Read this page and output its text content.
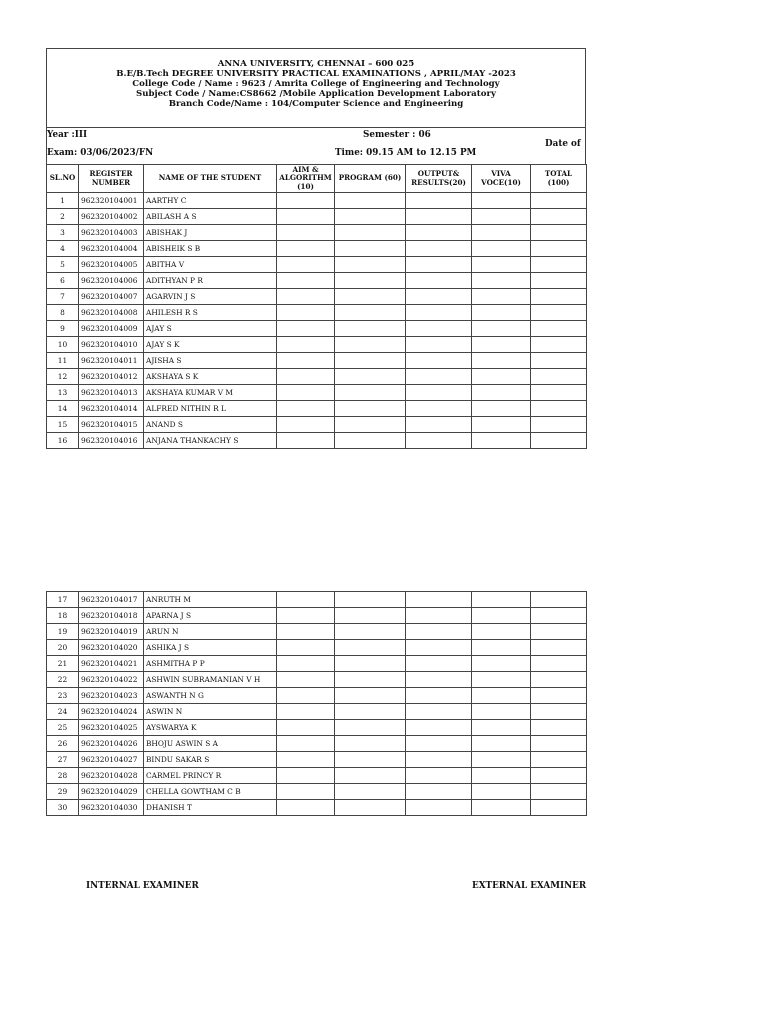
ANNA UNIVERSITY, CHENNAI – 600 025
B.E/B.Tech DEGREE UNIVERSITY PRACTICAL EXAMINATIONS , APRIL/MAY -2023
College Code / Name : 9623 / Amrita College of Engineering and Technology
Subject Code / Name:CS8662 /Mobile Application Development Laboratory
Branch Code/Name : 104/Computer Science and Engineering
Year :III	Semester : 06
Date of
Exam: 03/06/2023/FN	Time: 09.15 AM to 12.15 PM
SL.NO	REGISTER NUMBER	NAME OF THE STUDENT	AIM & ALGORITHM (10)	PROGRAM (60)	OUTPUT& RESULTS(20)	VIVA VOCE(10)	TOTAL (100)
1	962320104001	AARTHY C					
2	962320104002	ABILASH A S					
3	962320104003	ABISHAK J					
4	962320104004	ABISHEIK S B					
5	962320104005	ABITHA V					
6	962320104006	ADITHYAN P R					
7	962320104007	AGARVIN J S					
8	962320104008	AHILESH R S					
9	962320104009	AJAY S					
10	962320104010	AJAY S K					
11	962320104011	AJISHA S					
12	962320104012	AKSHAYA S K					
13	962320104013	AKSHAYA KUMAR V M					
14	962320104014	ALFRED NITHIN R L					
15	962320104015	ANAND S					
16	962320104016	ANJANA THANKACHY S					
17	962320104017	ANRUTH M					
18	962320104018	APARNA J S					
19	962320104019	ARUN N					
20	962320104020	ASHIKA J S					
21	962320104021	ASHMITHA P P					
22	962320104022	ASHWIN SUBRAMANIAN V H					
23	962320104023	ASWANTH N G					
24	962320104024	ASWIN N					
25	962320104025	AYSWARYA K					
26	962320104026	BHOJU ASWIN S A					
27	962320104027	BINDU SAKAR S					
28	962320104028	CARMEL PRINCY R					
29	962320104029	CHELLA GOWTHAM C B					
30	962320104030	DHANISH T					
INTERNAL EXAMINER	EXTERNAL EXAMINER
